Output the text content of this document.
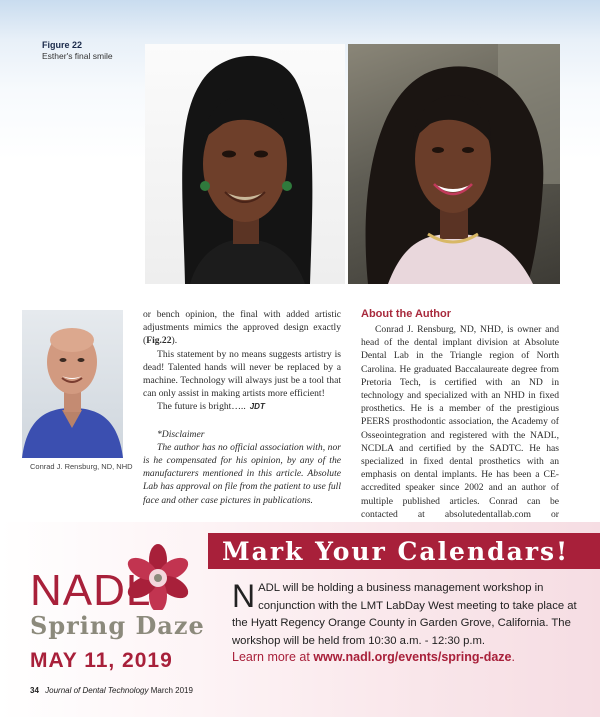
Figure 22
Esther's final smile
Conrad J. Rensburg, ND, NHD

or bench opinion, the final with added artistic adjustments mimics the approved design exactly (Fig.22).

This statement by no means suggests artistry is dead! Talented hands will never be replaced by a machine. Technology will always just be a tool that can only assist in making artists more efficient!

The future is bright….. JDT

*Disclaimer

The author has no official association with, nor is he compensated for his opinion, by any of the manufacturers mentioned in this article. Absolute Lab has approval on file from the patient to use full face and other case pictures in publications.

About the Author
Conrad J. Rensburg, ND, NHD, is owner and head of the dental implant division at Absolute Dental Lab in the Triangle region of North Carolina. He graduated Baccalaureate degree from Pretoria Tech, is certified with an ND in technology and specialized with an NHD in fixed prosthetics. He is a member of the prestigious PEERS prosthodontic association, the Academy of Osseointegration and registered with the NADL, NCDLA and certified by the SADTC. He has specialized in fixed dental prosthetics with an emphasis on dental implants. He has been a CE-accredited speaker since 2002 and an author of multiple published articles. Conrad can be contacted at absolutedentallab.com or
Mark Your Calendars!
NADL
Spring Daze
MAY 11, 2019
NADL will be holding a business management workshop in conjunction with the LMT LabDay West meeting to take place at the Hyatt Regency Orange County in Garden Grove, California. The workshop will be held from 10:30 a.m. - 12:30 p.m.
Learn more at www.nadl.org/events/spring-daze.
34 Journal of Dental Technology March 2019
